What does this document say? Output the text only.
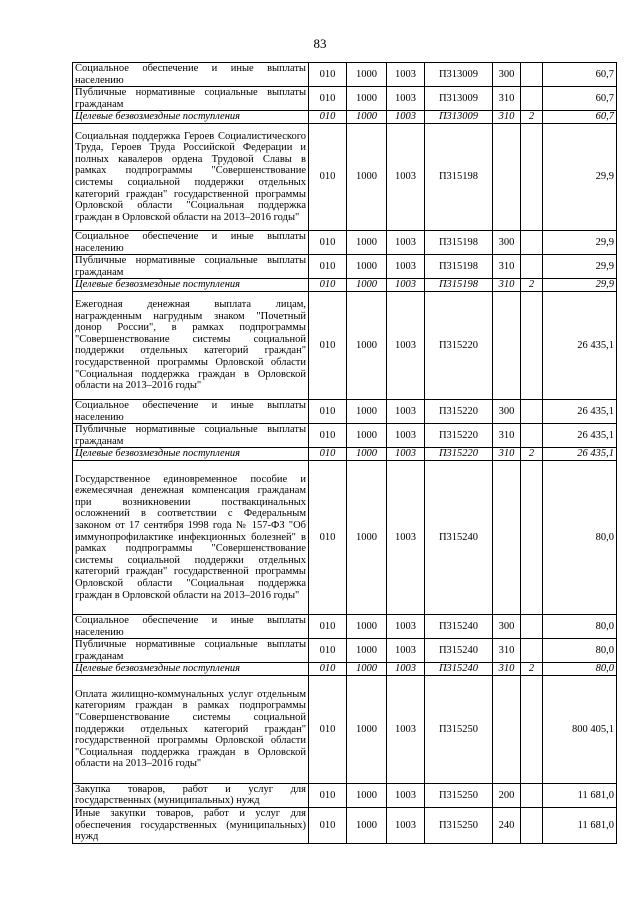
83
Социальное обеспечение и иные выплаты населению	010	1000	1003	П313009	300		60,7
Публичные нормативные социальные выплаты гражданам	010	1000	1003	П313009	310		60,7
Целевые безвозмездные поступления	010	1000	1003	П313009	310	2	60,7
Социальная поддержка Героев Социалистического Труда, Героев Труда Российской Федерации и полных кавалеров ордена Трудовой Славы в рамках подпрограммы "Совершенствование системы социальной поддержки отдельных категорий граждан" государственной программы Орловской области "Социальная поддержка граждан в Орловской области на 2013–2016 годы"	010	1000	1003	П315198			29,9
Социальное обеспечение и иные выплаты населению	010	1000	1003	П315198	300		29,9
Публичные нормативные социальные выплаты гражданам	010	1000	1003	П315198	310		29,9
Целевые безвозмездные поступления	010	1000	1003	П315198	310	2	29,9
Ежегодная денежная выплата лицам, награжденным нагрудным знаком "Почетный донор России", в рамках подпрограммы "Совершенствование системы социальной поддержки отдельных категорий граждан" государственной программы Орловской области "Социальная поддержка граждан в Орловской области на 2013–2016 годы"	010	1000	1003	П315220			26 435,1
Социальное обеспечение и иные выплаты населению	010	1000	1003	П315220	300		26 435,1
Публичные нормативные социальные выплаты гражданам	010	1000	1003	П315220	310		26 435,1
Целевые безвозмездные поступления	010	1000	1003	П315220	310	2	26 435,1
Государственное единовременное пособие и ежемесячная денежная компенсация гражданам при возникновении поствакцинальных осложнений в соответствии с Федеральным законом от 17 сентября 1998 года № 157-ФЗ "Об иммунопрофилактике инфекционных болезней" в рамках подпрограммы "Совершенствование системы социальной поддержки отдельных категорий граждан" государственной программы Орловской области "Социальная поддержка граждан в Орловской области на 2013–2016 годы"	010	1000	1003	П315240			80,0
Социальное обеспечение и иные выплаты населению	010	1000	1003	П315240	300		80,0
Публичные нормативные социальные выплаты гражданам	010	1000	1003	П315240	310		80,0
Целевые безвозмездные поступления	010	1000	1003	П315240	310	2	80,0
Оплата жилищно-коммунальных услуг отдельным категориям граждан в рамках подпрограммы "Совершенствование системы социальной поддержки отдельных категорий граждан" государственной программы Орловской области "Социальная поддержка граждан в Орловской области на 2013–2016 годы"	010	1000	1003	П315250			800 405,1
Закупка товаров, работ и услуг для государственных (муниципальных) нужд	010	1000	1003	П315250	200		11 681,0
Иные закупки товаров, работ и услуг для обеспечения государственных (муниципальных) нужд	010	1000	1003	П315250	240		11 681,0
